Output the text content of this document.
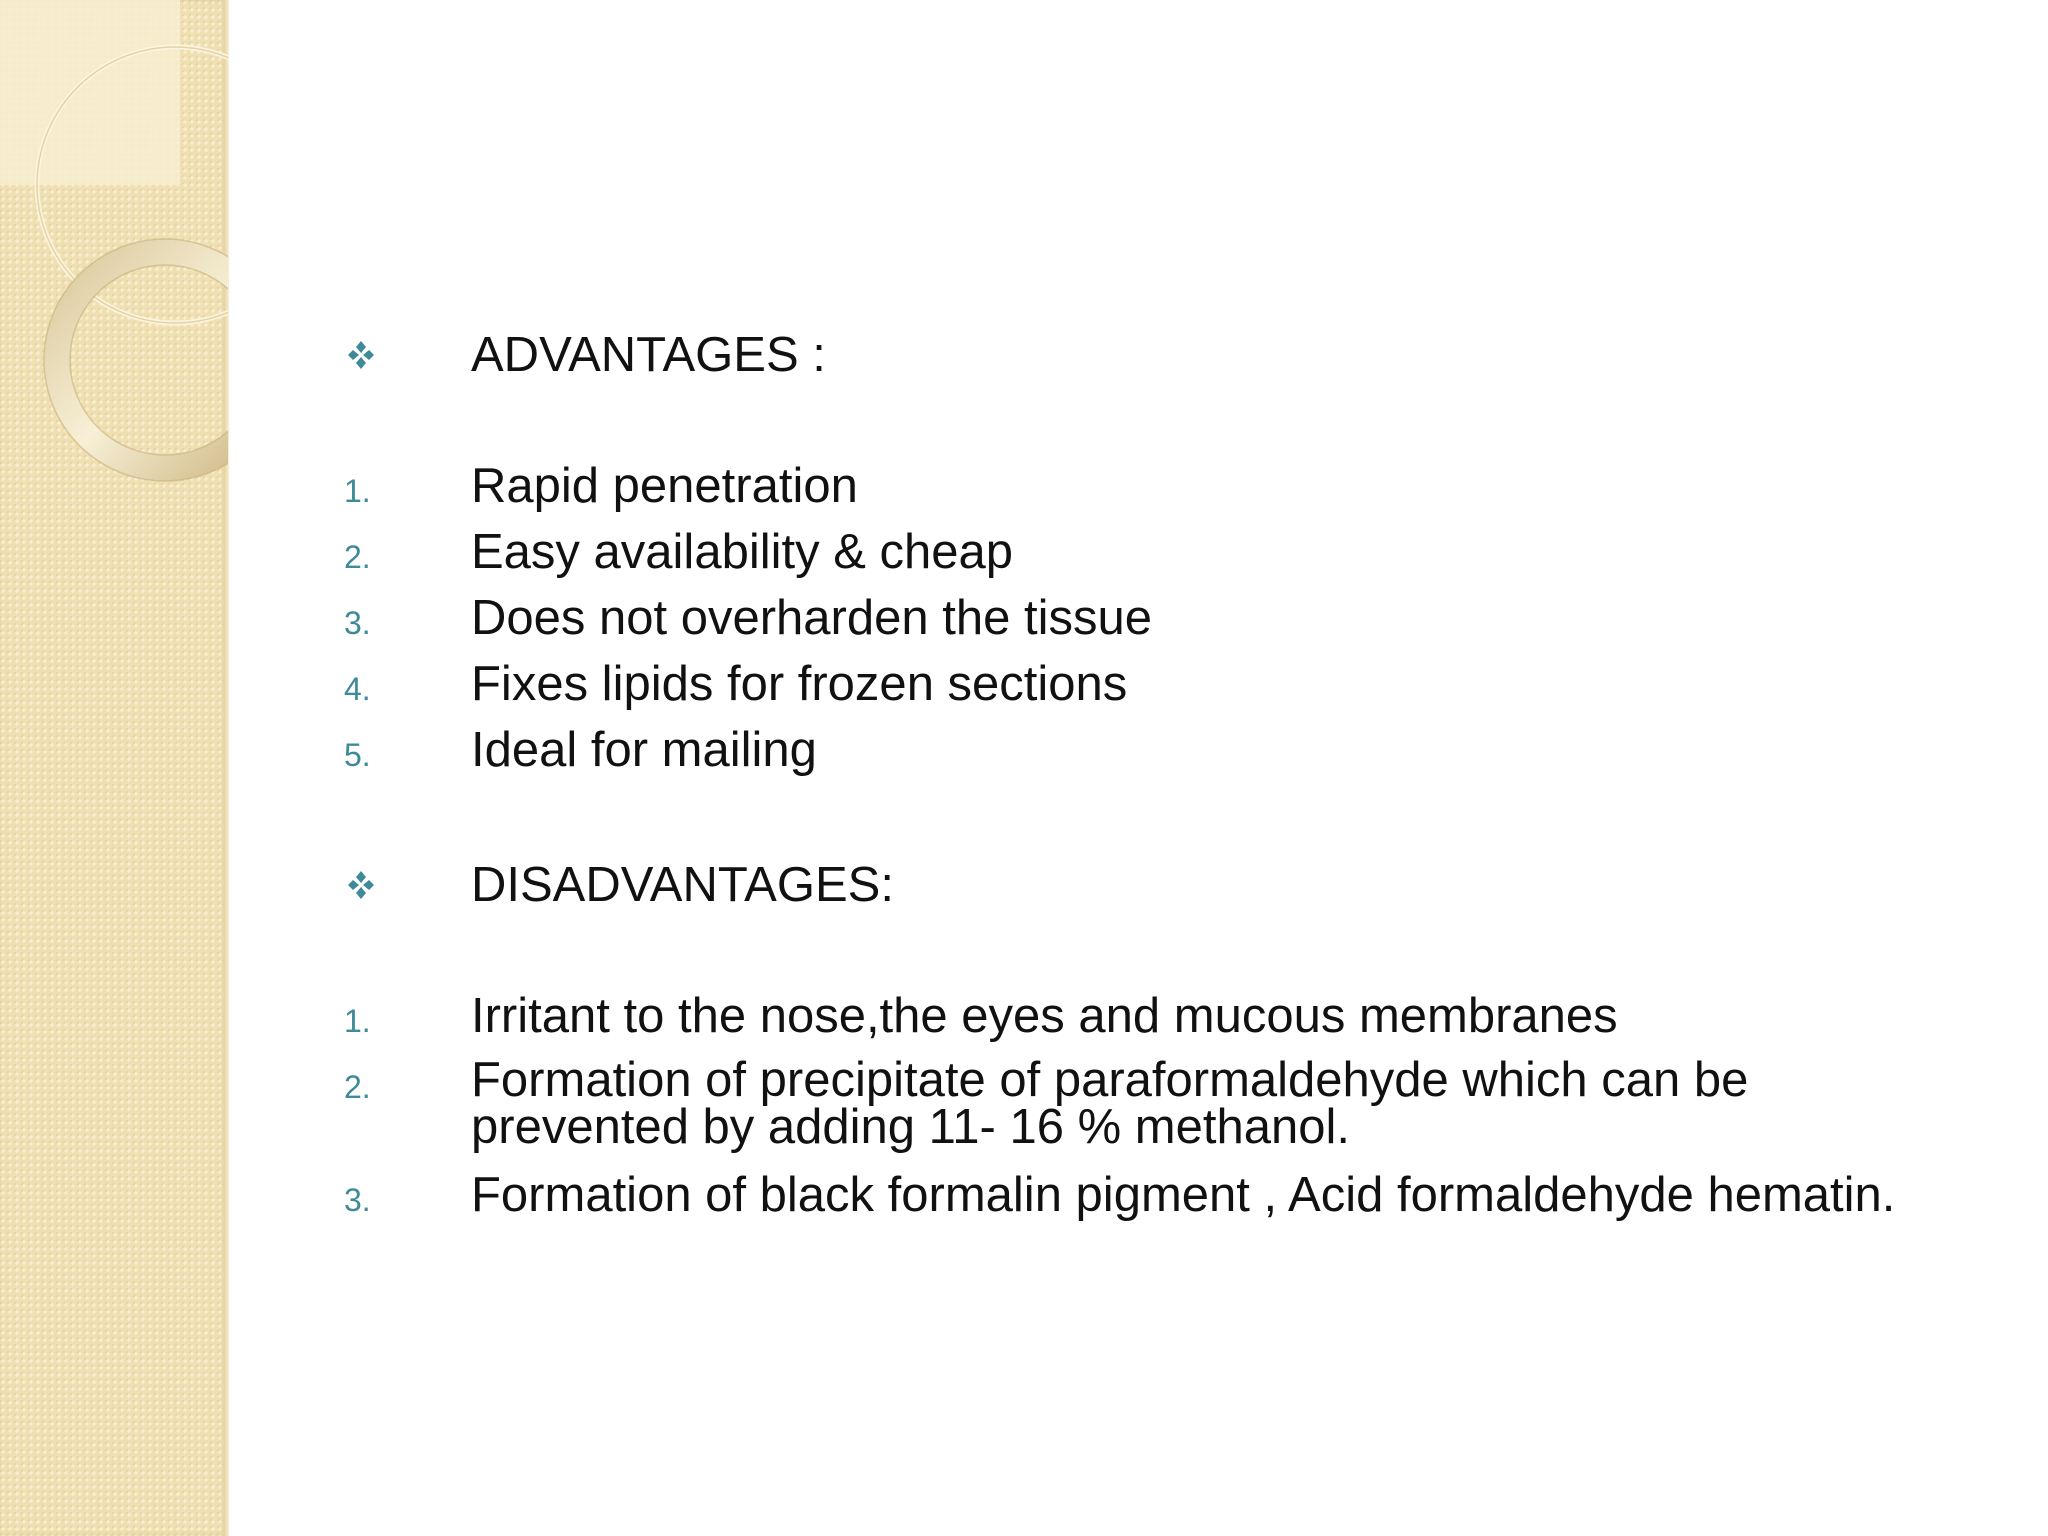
ADVANTAGES :
1. Rapid penetration
2. Easy availability & cheap
3. Does not overharden the tissue
4. Fixes lipids for frozen sections
5. Ideal for mailing
DISADVANTAGES:
1. Irritant to the nose,the eyes and mucous membranes
2. Formation of precipitate of paraformaldehyde which can be prevented by adding 11- 16 % methanol.
3. Formation of black formalin pigment , Acid formaldehyde hematin.
